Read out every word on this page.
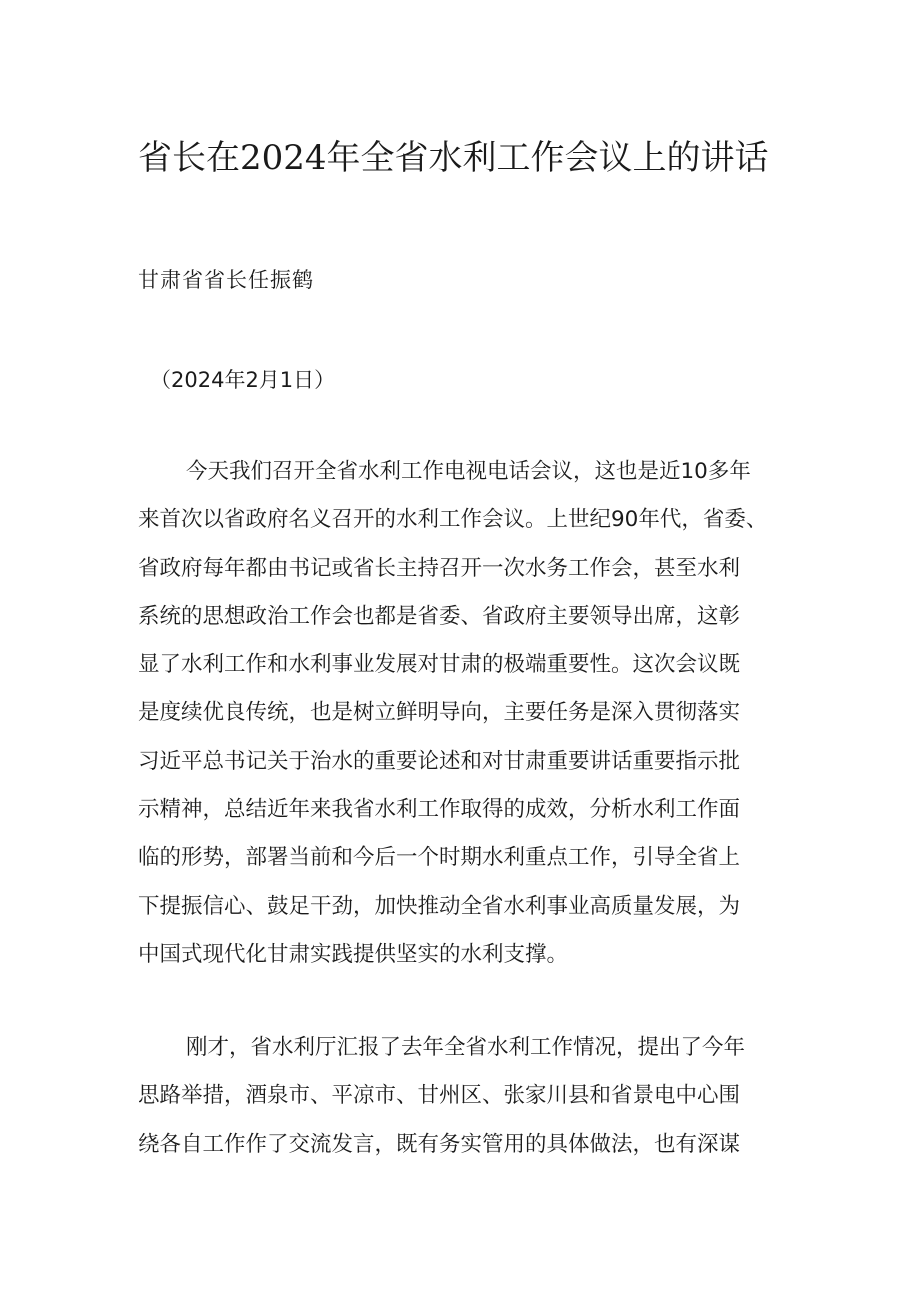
省长在2024年全省水利工作会议上的讲话
甘肃省省长任振鹤
（2024年2月1日）

今天我们召开全省水利工作电视电话会议，这也是近10多年
来首次以省政府名义召开的水利工作会议。上世纪90年代，省委、
省政府每年都由书记或省长主持召开一次水务工作会，甚至水利
系统的思想政治工作会也都是省委、省政府主要领导出席，这彰
显了水利工作和水利事业发展对甘肃的极端重要性。这次会议既
是度续优良传统，也是树立鲜明导向，主要任务是深入贯彻落实
习近平总书记关于治水的重要论述和对甘肃重要讲话重要指示批
示精神，总结近年来我省水利工作取得的成效，分析水利工作面
临的形势，部署当前和今后一个时期水利重点工作，引导全省上
下提振信心、鼓足干劲，加快推动全省水利事业高质量发展，为
中国式现代化甘肃实践提供坚实的水利支撑。

刚才，省水利厅汇报了去年全省水利工作情况，提出了今年
思路举措，酒泉市、平凉市、甘州区、张家川县和省景电中心围
绕各自工作作了交流发言，既有务实管用的具体做法，也有深谋
